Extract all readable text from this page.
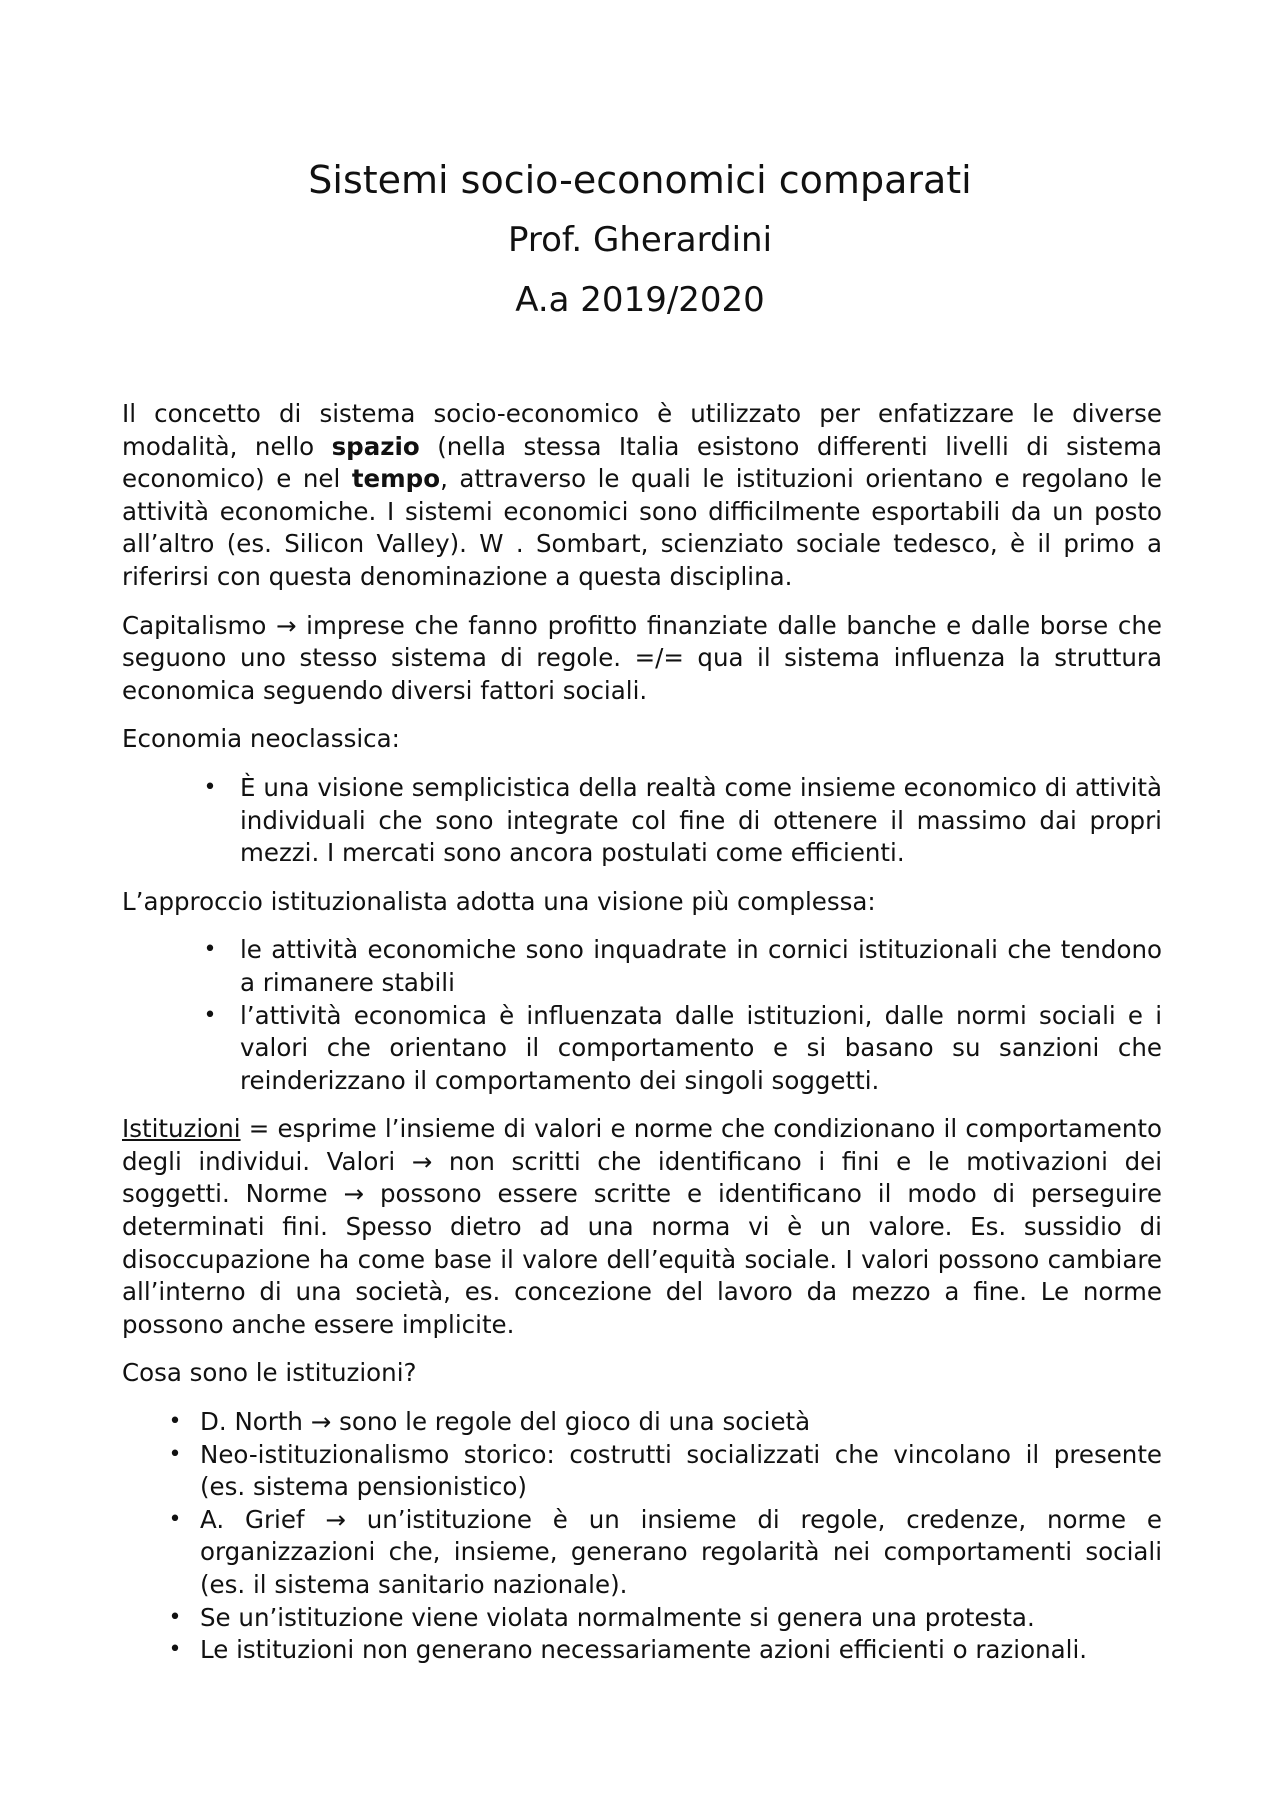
Sistemi socio-economici comparati
Prof. Gherardini
A.a 2019/2020

Il concetto di sistema socio-economico è utilizzato per enfatizzare le diverse modalità, nello spazio (nella stessa Italia esistono differenti livelli di sistema economico) e nel tempo, attraverso le quali le istituzioni orientano e regolano le attività economiche. I sistemi economici sono difficilmente esportabili da un posto all’altro (es. Silicon Valley). W . Sombart, scienziato sociale tedesco, è il primo a riferirsi con questa denominazione a questa disciplina.

Capitalismo → imprese che fanno profitto finanziate dalle banche e dalle borse che seguono uno stesso sistema di regole. =/= qua il sistema influenza la struttura economica seguendo diversi fattori sociali.

Economia neoclassica:

• È una visione semplicistica della realtà come insieme economico di attività individuali che sono integrate col fine di ottenere il massimo dai propri mezzi. I mercati sono ancora postulati come efficienti.

L’approccio istituzionalista adotta una visione più complessa:

• le attività economiche sono inquadrate in cornici istituzionali che tendono a rimanere stabili
• l’attività economica è influenzata dalle istituzioni, dalle normi sociali e i valori che orientano il comportamento e si basano su sanzioni che reinderizzano il comportamento dei singoli soggetti.

Istituzioni = esprime l’insieme di valori e norme che condizionano il comportamento degli individui. Valori → non scritti che identificano i fini e le motivazioni dei soggetti. Norme → possono essere scritte e identificano il modo di perseguire determinati fini. Spesso dietro ad una norma vi è un valore. Es. sussidio di disoccupazione ha come base il valore dell’equità sociale. I valori possono cambiare all’interno di una società, es. concezione del lavoro da mezzo a fine. Le norme possono anche essere implicite.

Cosa sono le istituzioni?

• D. North → sono le regole del gioco di una società
• Neo-istituzionalismo storico: costrutti socializzati che vincolano il presente (es. sistema pensionistico)
• A. Grief → un’istituzione è un insieme di regole, credenze, norme e organizzazioni che, insieme, generano regolarità nei comportamenti sociali (es. il sistema sanitario nazionale).
• Se un’istituzione viene violata normalmente si genera una protesta.
• Le istituzioni non generano necessariamente azioni efficienti o razionali.
